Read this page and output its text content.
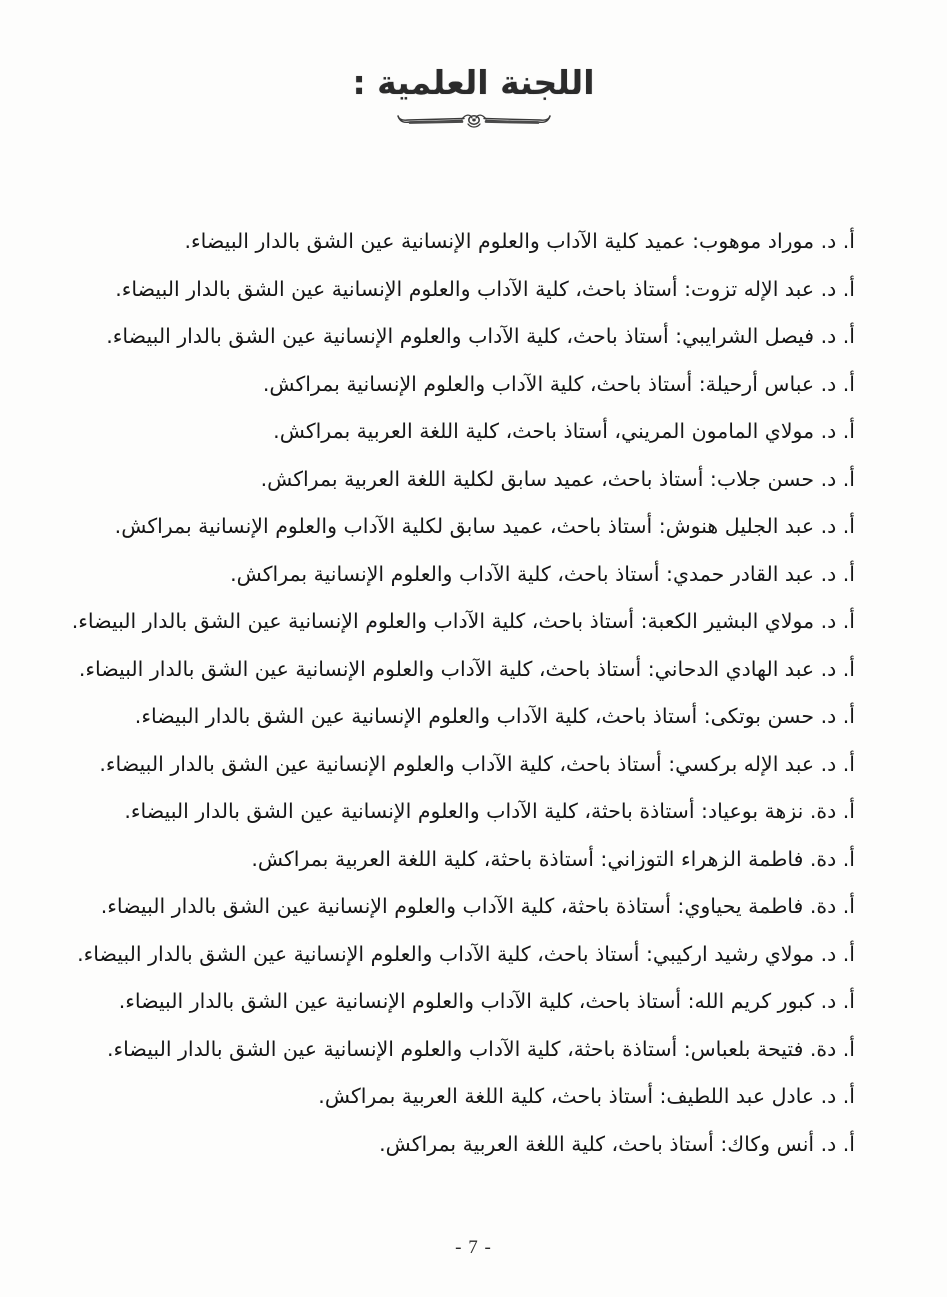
اللجنة العلمية :
أ. د. موراد موهوب: عميد كلية الآداب والعلوم الإنسانية عين الشق بالدار البيضاء.
أ. د. عبد الإله تزوت: أستاذ باحث، كلية الآداب والعلوم الإنسانية عين الشق بالدار البيضاء.
أ. د. فيصل الشرايبي: أستاذ باحث، كلية الآداب والعلوم الإنسانية عين الشق بالدار البيضاء.
أ. د. عباس أرحيلة: أستاذ باحث، كلية الآداب والعلوم الإنسانية بمراكش.
أ. د. مولاي المامون المريني، أستاذ باحث، كلية اللغة العربية بمراكش.
أ. د. حسن جلاب: أستاذ باحث، عميد سابق لكلية اللغة العربية بمراكش.
أ. د. عبد الجليل هنوش: أستاذ باحث، عميد سابق لكلية الآداب والعلوم الإنسانية بمراكش.
أ. د. عبد القادر حمدي: أستاذ باحث، كلية الآداب والعلوم الإنسانية بمراكش.
أ. د. مولاي البشير الكعبة: أستاذ باحث، كلية الآداب والعلوم الإنسانية عين الشق بالدار البيضاء.
أ. د. عبد الهادي الدحاني: أستاذ باحث، كلية الآداب والعلوم الإنسانية عين الشق بالدار البيضاء.
أ. د. حسن بوتكى: أستاذ باحث، كلية الآداب والعلوم الإنسانية عين الشق بالدار البيضاء.
أ. د. عبد الإله بركسي: أستاذ باحث، كلية الآداب والعلوم الإنسانية عين الشق بالدار البيضاء.
أ. دة. نزهة بوعياد: أستاذة باحثة، كلية الآداب والعلوم الإنسانية عين الشق بالدار البيضاء.
أ. دة. فاطمة الزهراء التوزاني: أستاذة باحثة، كلية اللغة العربية بمراكش.
أ. دة. فاطمة يحياوي: أستاذة باحثة، كلية الآداب والعلوم الإنسانية عين الشق بالدار البيضاء.
أ. د. مولاي رشيد اركيبي: أستاذ باحث، كلية الآداب والعلوم الإنسانية عين الشق بالدار البيضاء.
أ. د. كبور كريم الله: أستاذ باحث، كلية الآداب والعلوم الإنسانية عين الشق بالدار البيضاء.
أ. دة. فتيحة بلعباس: أستاذة باحثة، كلية الآداب والعلوم الإنسانية عين الشق بالدار البيضاء.
أ. د. عادل عبد اللطيف: أستاذ باحث، كلية اللغة العربية بمراكش.
أ. د. أنس وكاك: أستاذ باحث، كلية اللغة العربية بمراكش.
- 7 -
